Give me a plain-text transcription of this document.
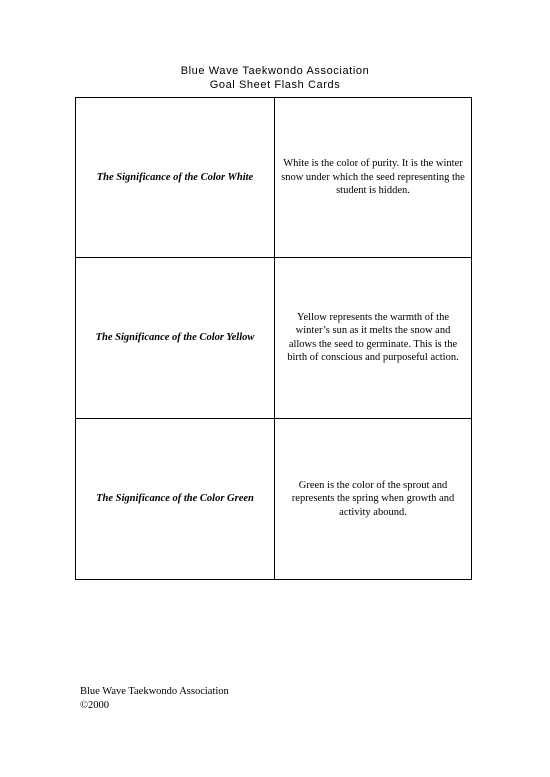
Blue Wave Taekwondo Association
Goal Sheet Flash Cards
The Significance of the Color White
White is the color of purity. It is the winter snow under which the seed representing the student is hidden.
The Significance of the Color Yellow
Yellow represents the warmth of the winter’s sun as it melts the snow and allows the seed to germinate. This is the birth of conscious and purposeful action.
The Significance of the Color Green
Green is the color of the sprout and represents the spring when growth and activity abound.
Blue Wave Taekwondo Association
©2000
